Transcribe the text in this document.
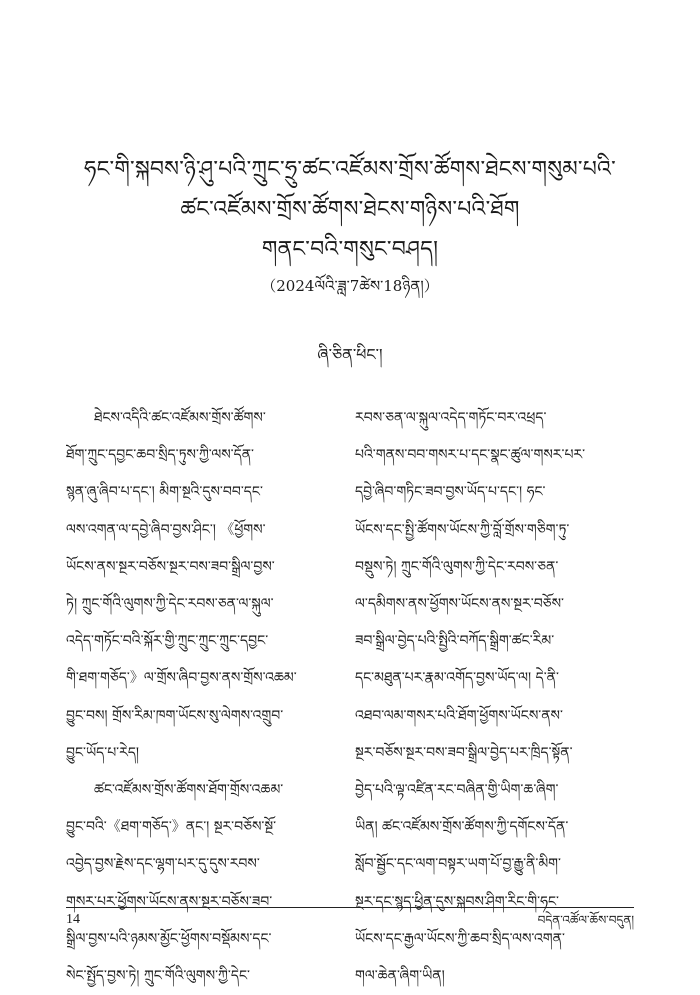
ཧང་གི་སྐབས་ཉི་ཤུ་པའི་ཀྲུང་ཧྲུ་ཚང་འཛོམས་གྲོས་ཚོགས་ཐེངས་གསུམ་པའི་
ཚང་འཛོམས་གྲོས་ཚོགས་ཐེངས་གཉིས་པའི་ཐོག
གནང་བའི་གསུང་བཤད།
（2024ལོའི་ཟླ་7ཚེས་18ཉིན།）
ཞི་ཅིན་ཕིང་།
ཐེངས་འདིའི་ཚང་འཛོམས་གྲོས་ཚོགས་
ཐོག་ཀྲུང་དབྱང་ཆབ་སྲིད་ཏུས་ཀྱི་ལས་དོན་
སྙན་ཞུ་ཞིབ་པ་དང་། མིག་སྔའི་དུས་བབ་དང་
ལས་འགན་ལ་དབྱེ་ཞིབ་བྱས་ཤིང་། 《ཕྱོགས་
ཡོངས་ནས་སྔར་བཅོས་སྔར་བས་ཟབ་སྒྲིལ་བྱས་
ཏེ། ཀྲུང་གོའི་ལུགས་ཀྱི་དེང་རབས་ཅན་ལ་སྐུལ་
འདེད་གཏོང་བའི་སྐོར་གྱི་ཀྲུང་ཀྲུང་ཀྲུང་དབྱང་
གི་ཐག་གཅོད་》ལ་གྲོས་ཞིབ་བྱས་ནས་གྲོས་འཆམ་
བྱུང་བས། གྲོས་རིམ་ཁག་ཡོངས་སུ་ལེགས་འགྲུབ་
བྱུང་ཡོད་པ་རེད།
ཚང་འཛོམས་གྲོས་ཚོགས་ཐོག་གྲོས་འཆམ་
བྱུང་བའི་《ཐག་གཅོད་》ནང་། སྔར་བཅོས་སྔོ་
འབྱེད་བྱས་རྗེས་དང་ལྷག་པར་དུ་དུས་རབས་
གསར་པར་ཕྱོགས་ཡོངས་ནས་སྔར་བཅོས་ཟབ་
སྒྲིལ་བྱས་པའི་ཉམས་མྱོང་ཕྱོགས་བསྡོམས་དང་
སེང་སྤྱོད་བྱས་ཏེ། ཀྲུང་གོའི་ལུགས་ཀྱི་དེང་
རབས་ཅན་ལ་སྐུལ་འདེད་གཏོང་བར་འཕྲད་
པའི་གནས་བབ་གསར་པ་དང་སྣང་ཚུལ་གསར་པར་
དབྱེ་ཞིབ་གཏིང་ཟབ་བྱས་ཡོད་པ་དང་། ཧང་
ཡོངས་དང་སྤྱི་ཚོགས་ཡོངས་ཀྱི་བློ་གྲོས་གཅིག་ཏུ་
བསྡུས་ཏེ། ཀྲུང་གོའི་ལུགས་ཀྱི་དེང་རབས་ཅན་
ལ་དམིགས་ནས་ཕྱོགས་ཡོངས་ནས་སྔར་བཅོས་
ཟབ་སྒྲིལ་བྱེད་པའི་སྤྱིའི་བཀོད་སྒྲིག་ཚང་རིམ་
དང་མཐུན་པར་རྣམ་འགོད་བྱས་ཡོད་ལ། དེ་ནི་
འཐབ་ལམ་གསར་པའི་ཐོག་ཕྱོགས་ཡོངས་ནས་
སྔར་བཅོས་སྔར་བས་ཟབ་སྒྲིལ་བྱེད་པར་ཁྲིད་སྟོན་
བྱེད་པའི་ལྟ་འཛིན་རང་བཞིན་གྱི་ཡིག་ཆ་ཞིག་
ཡིན། ཚང་འཛོམས་གྲོས་ཚོགས་ཀྱི་དགོངས་དོན་
སློབ་སྦྱོང་དང་ལག་བསྟར་ཡག་པོ་བྱ་རྒྱུ་ནི་མིག་
སྔར་དང་སྙད་ཕྱིན་དུས་སྐབས་ཤིག་རིང་གི་ཧང་
ཡོངས་དང་རྒྱལ་ཡོངས་ཀྱི་ཆབ་སྲིད་ལས་འགན་
གལ་ཆེན་ཞིག་ཡིན།
14	བདེན་འཚོལ་ཆོས་བདུན།
